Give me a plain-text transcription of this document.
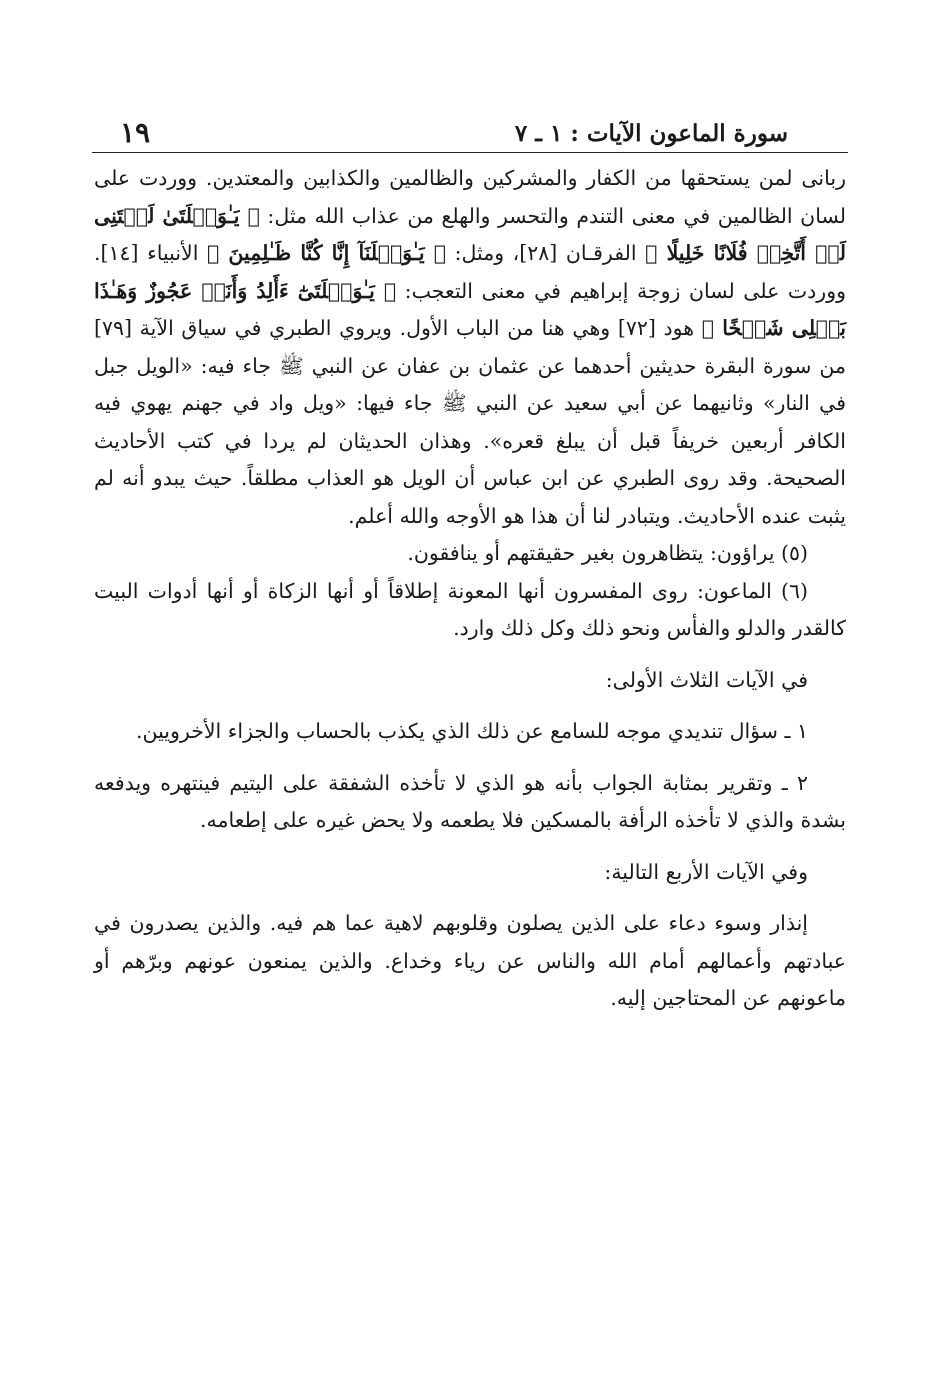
سورة الماعون الآيات : ١ ـ ٧
١٩

ربانى لمن يستحقها من الكفار والمشركين والظالمين والكذابين والمعتدين. ووردت على لسان الظالمين في معنى التندم والتحسر والهلع من عذاب الله مثل: ﴿ يَـٰوَيۡلَتَىٰ لَيۡتَنِى لَمۡ أَتَّخِذۡ فُلَانًا خَلِيلًا ﴾ الفرقـان [٢٨]، ومثل: ﴿ يَـٰوَيۡلَنَآ إِنَّا كُنَّا ظَـٰلِمِينَ ﴾ الأنبياء [١٤]. ووردت على لسان زوجة إبراهيم في معنى التعجب: ﴿ يَـٰوَيۡلَتَىٰٓ ءَأَلِدُ وَأَنَا۠ عَجُوزٌ وَهَـٰذَا بَعۡلِى شَيۡخًا ﴾ هود [٧٢] وهي هنا من الباب الأول. ويروي الطبري في سياق الآية [٧٩] من سورة البقرة حديثين أحدهما عن عثمان بن عفان عن النبي ﷺ جاء فيه: «الويل جبل في النار» وثانيهما عن أبي سعيد عن النبي ﷺ جاء فيها: «ويل واد في جهنم يهوي فيه الكافر أربعين خريفاً قبل أن يبلغ قعره». وهذان الحديثان لم يردا في كتب الأحاديث الصحيحة. وقد روى الطبري عن ابن عباس أن الويل هو العذاب مطلقاً. حيث يبدو أنه لم يثبت عنده الأحاديث. ويتبادر لنا أن هذا هو الأوجه والله أعلم.

(٥) يراؤون: يتظاهرون بغير حقيقتهم أو ينافقون.

(٦) الماعون: روى المفسرون أنها المعونة إطلاقاً أو أنها الزكاة أو أنها أدوات البيت كالقدر والدلو والفأس ونحو ذلك وكل ذلك وارد.

في الآيات الثلاث الأولى:

١ ـ سؤال تنديدي موجه للسامع عن ذلك الذي يكذب بالحساب والجزاء الأخرويين.

٢ ـ وتقرير بمثابة الجواب بأنه هو الذي لا تأخذه الشفقة على اليتيم فينتهره ويدفعه بشدة والذي لا تأخذه الرأفة بالمسكين فلا يطعمه ولا يحض غيره على إطعامه.

وفي الآيات الأربع التالية:

إنذار وسوء دعاء على الذين يصلون وقلوبهم لاهية عما هم فيه. والذين يصدرون في عبادتهم وأعمالهم أمام الله والناس عن رياء وخداع. والذين يمنعون عونهم وبرّهم أو ماعونهم عن المحتاجين إليه.
